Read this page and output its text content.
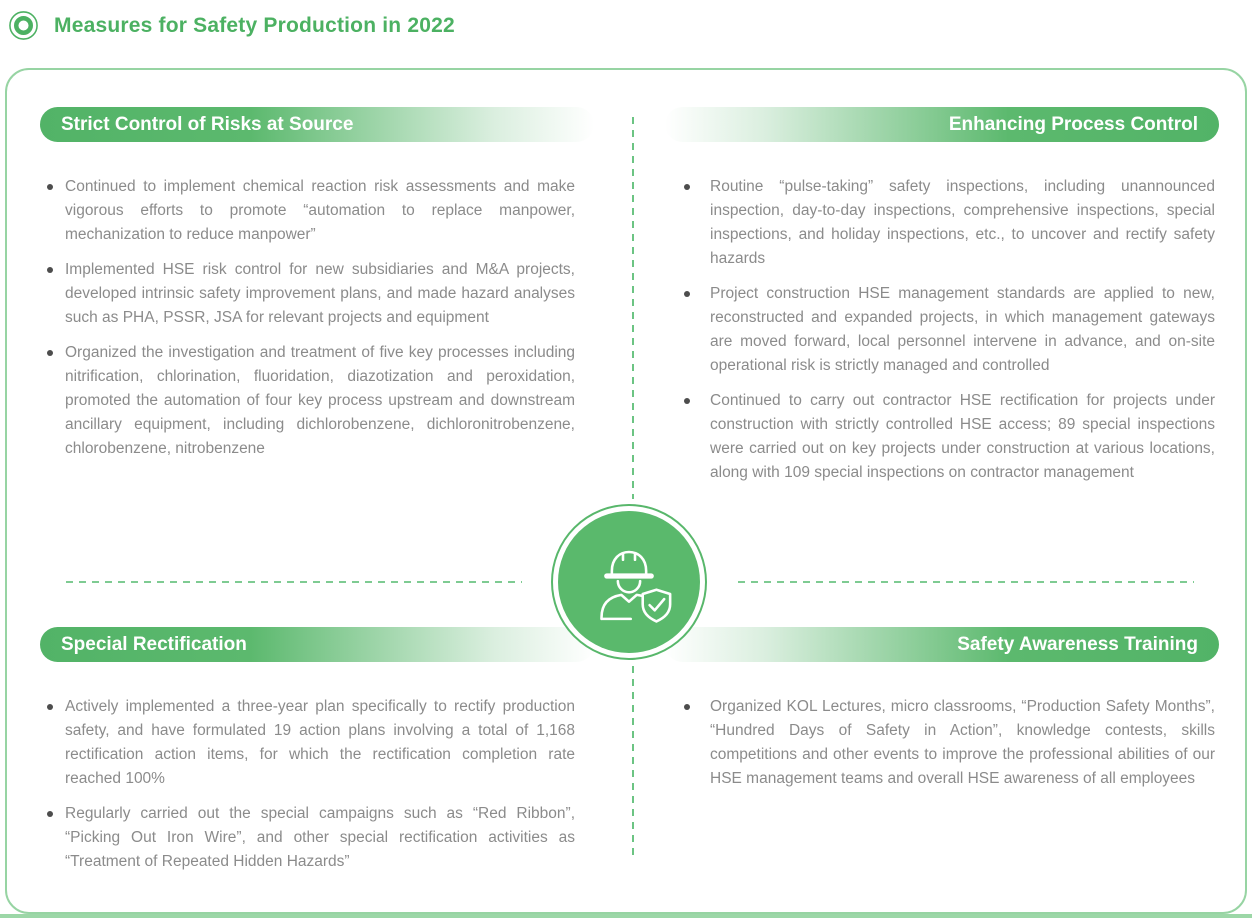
Measures for Safety Production in 2022
Strict Control of Risks at Source
Continued to implement chemical reaction risk assessments and make vigorous efforts to promote “automation to replace manpower, mechanization to reduce manpower”
Implemented HSE risk control for new subsidiaries and M&A projects, developed intrinsic safety improvement plans, and made hazard analyses such as PHA, PSSR, JSA for relevant projects and equipment
Organized the investigation and treatment of five key processes including nitrification, chlorination, fluoridation, diazotization and peroxidation, promoted the automation of four key process upstream and downstream ancillary equipment, including dichlorobenzene, dichloronitrobenzene, chlorobenzene, nitrobenzene
Enhancing Process Control
Routine “pulse-taking” safety inspections, including unannounced inspection, day-to-day inspections, comprehensive inspections, special inspections, and holiday inspections, etc., to uncover and rectify safety hazards
Project construction HSE management standards are applied to new, reconstructed and expanded projects, in which management gateways are moved forward, local personnel intervene in advance, and on-site operational risk is strictly managed and controlled
Continued to carry out contractor HSE rectification for projects under construction with strictly controlled HSE access; 89 special inspections were carried out on key projects under construction at various locations, along with 109 special inspections on contractor management
Special Rectification
Actively implemented a three-year plan specifically to rectify production safety, and have formulated 19 action plans involving a total of 1,168 rectification action items, for which the rectification completion rate reached 100%
Regularly carried out the special campaigns such as “Red Ribbon”, “Picking Out Iron Wire”, and other special rectification activities as “Treatment of Repeated Hidden Hazards”
Safety Awareness Training
Organized KOL Lectures, micro classrooms, “Production Safety Months”, “Hundred Days of Safety in Action”, knowledge contests, skills competitions and other events to improve the professional abilities of our HSE management teams and overall HSE awareness of all employees
